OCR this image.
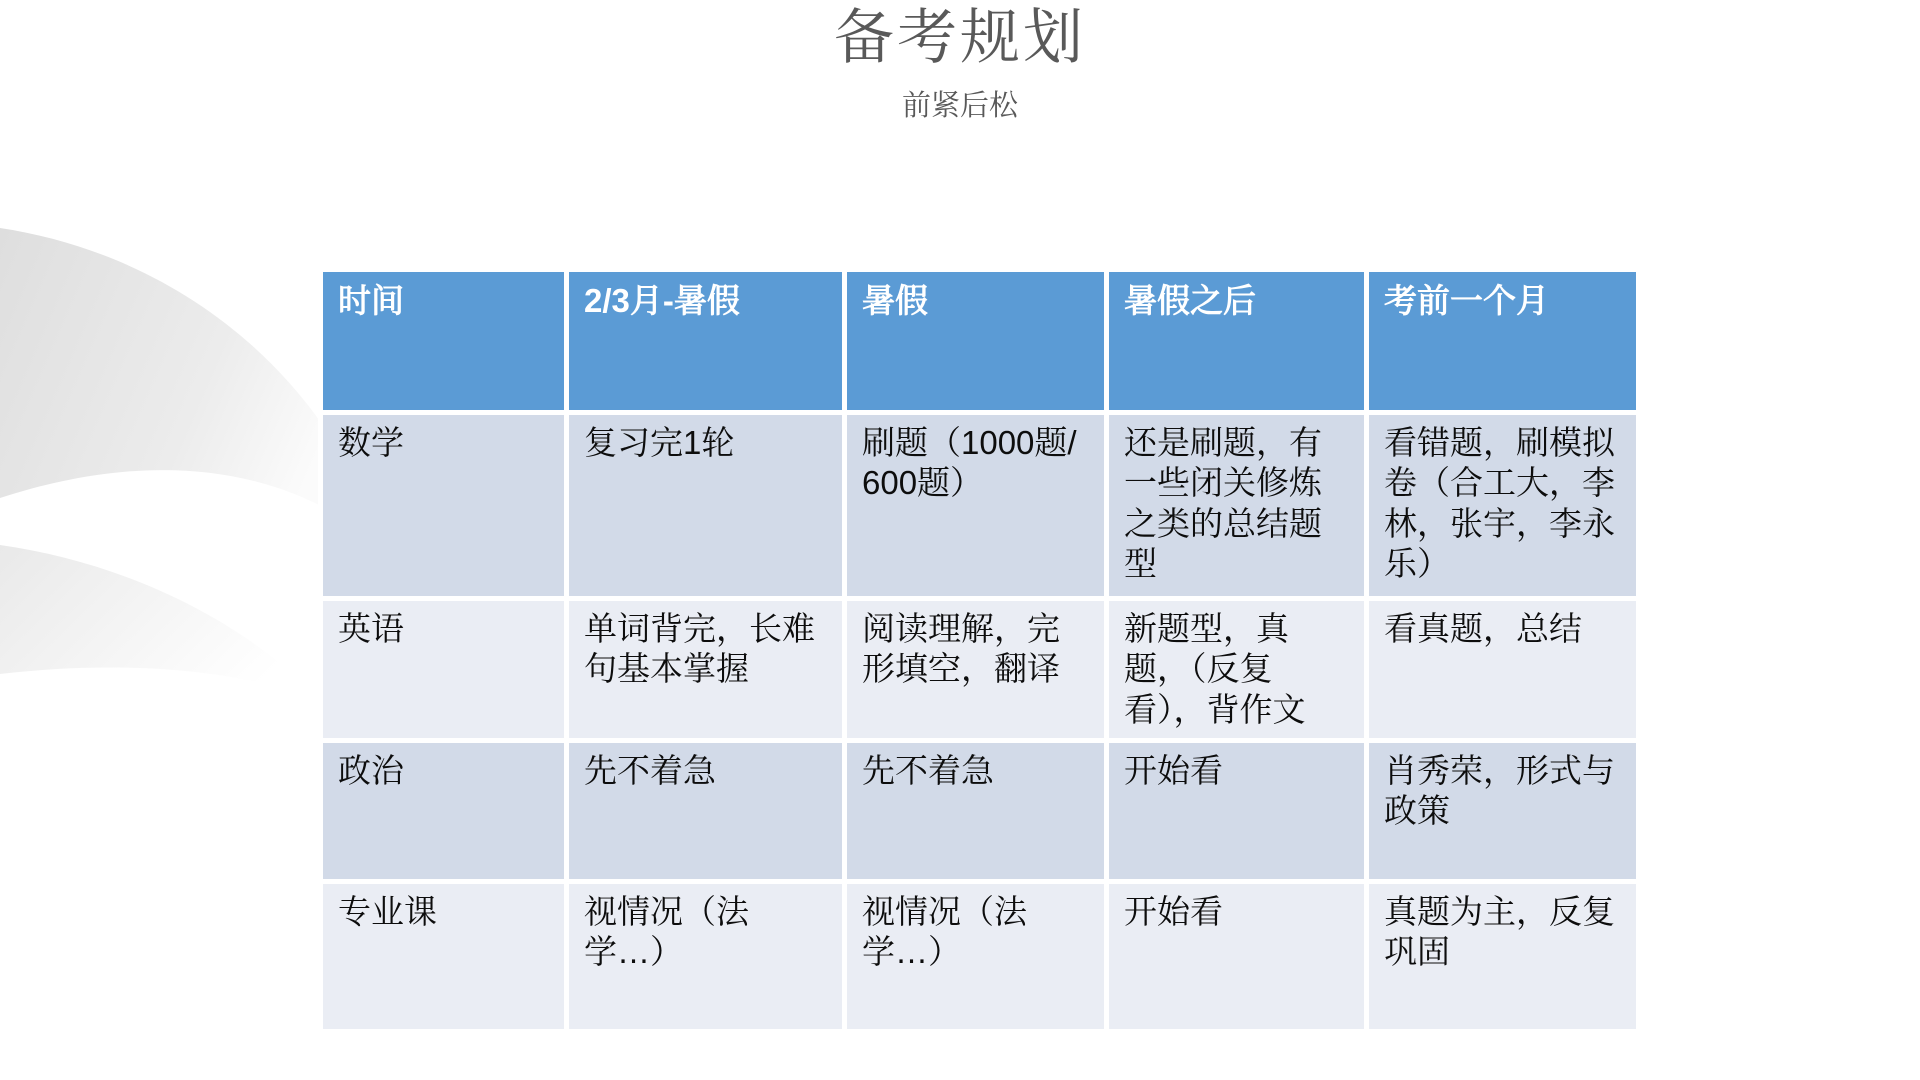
备考规划
前紧后松
时间	2/3月-暑假	暑假	暑假之后	考前一个月
数学	复习完1轮	刷题（1000题/600题）	还是刷题，有一些闭关修炼之类的总结题型	看错题，刷模拟卷（合工大，李林，张宇，李永乐）
英语	单词背完，长难句基本掌握	阅读理解，完形填空，翻译	新题型，真题，（反复看），背作文	看真题，总结
政治	先不着急	先不着急	开始看	肖秀荣，形式与政策
专业课	视情况（法学…）	视情况（法学…）	开始看	真题为主，反复巩固
